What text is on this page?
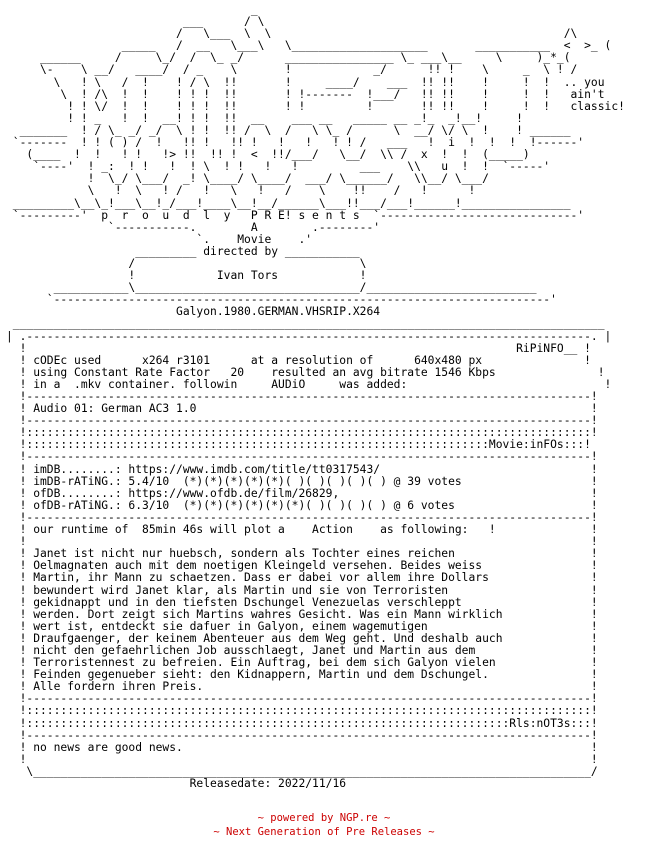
_
___      / \
/   \___  \  \                                           /\
_____   /  __   \___\   \____________________       ___________  <  >_ (
______     /     \_/  /  \_ _/      ________________ \_ ___\__     \     )_*_(
\-    \ __/   ____/  / _    \       !            _/      !! !    \     _  \ ! /
\   ! \   /  !    ! / \  !!       !     ____/    ___  !! !!    !     !  !  .. you
\  ! /\  !  !    ! ! !  !!       ! !-------  !___/   !! !!    !     !  !   ain't
! ! \/  !  !    ! ! !  !!       ! !         !       !! !!    !     !  !   classic!
! ! _   !  !  __! ! !  !!  __    ___ __   _____ __ _!_  _!__!     !
_______  ! / \_ _/ _/  \ ! !  !! /  \  /   \ \_ /      \  __/ \/ \  !    ! ______
`-------  ! ! ( ) /  !   !! !   !! !   !   !   ! ! /   ___   !  i  !  !  !  !------'
(____  !  !   ! !   !> !!  !! !  <  !!/___/   \__/  \\ /  x  !  !  (_____)
`----'  ! _:  ! !   !  ! \  ! !   !   !         ___    \\   u  !  !  `-----'
!  \_/ \___/  _! \____/ \____/  ___/ \______/   \\__/ \___/
\   !  \   ! /   !   \   !   /    \    !!    /   !      !
_________\__\_!___\__!_/___!____\__!__/______\___!!___/___!______!________________
`---------'  p  r  o  u  d  l  y   P R E! s e n t s  `-----------------------------'
`-----------.        A        .--------'
`.    Movie    .'
_________ directed by ___________
/                                 \
!            Ivan Tors            !
___________\_________________________________/_________________________
`-------------------------------------------------------------------------'
Galyon.1980.GERMAN.VHSRIP.X264
_______________________________________________________________________________________
| .-----------------------------------------------------------------------------------. |
!                                                                        RiPiNFO__ !
! cODEc used      x264 r3101      at a resolution of      640x480 px               !
! using Constant Rate Factor   20    resulted an avg bitrate 1546 Kbps               !
! in a  .mkv container. followin     AUDiO     was added:                             !
!-----------------------------------------------------------------------------------!
! Audio 01: German AC3 1.0                                                          !
!-----------------------------------------------------------------------------------!
!:::::::::::::::::::::::::::::::::::::::::::::::::::::::::::::::::::::::::::::::::::!
!::::::::::::::::::::::::::::::::::::::::::::::::::::::::::::::::::::Movie:inFOs:::!
!-----------------------------------------------------------------------------------!
! imDB........: https://www.imdb.com/title/tt0317543/                               !
! imDB-rATiNG.: 5.4/10  (*)(*)(*)(*)(*)( )( )( )( )( ) @ 39 votes                   !
! ofDB........: https://www.ofdb.de/film/26829,                                     !
! ofDB-rATiNG.: 6.3/10  (*)(*)(*)(*)(*)(*)( )( )( )( ) @ 6 votes                    !
!-----------------------------------------------------------------------------------!
! our runtime of  85min 46s will plot a    Action    as following:   !              !
!                                                                                   !
! Janet ist nicht nur huebsch, sondern als Tochter eines reichen                    !
! Oelmagnaten auch mit dem noetigen Kleingeld versehen. Beides weiss                !
! Martin, ihr Mann zu schaetzen. Dass er dabei vor allem ihre Dollars               !
! bewundert wird Janet klar, als Martin und sie von Terroristen                     !
! gekidnappt und in den tiefsten Dschungel Venezuelas verschleppt                   !
! werden. Dort zeigt sich Martins wahres Gesicht. Was ein Mann wirklich             !
! wert ist, entdeckt sie dafuer in Galyon, einem wagemutigen                        !
! Draufgaenger, der keinem Abenteuer aus dem Weg geht. Und deshalb auch             !
! nicht den gefaehrlichen Job ausschlaegt, Janet und Martin aus dem                 !
! Terroristennest zu befreien. Ein Auftrag, bei dem sich Galyon vielen              !
! Feinden gegenueber sieht: den Kidnappern, Martin und dem Dschungel.               !
! Alle fordern ihren Preis.                                                         !
!-----------------------------------------------------------------------------------!
!:::::::::::::::::::::::::::::::::::::::::::::::::::::::::::::::::::::::::::::::::::!
!:::::::::::::::::::::::::::::::::::::::::::::::::::::::::::::::::::::::Rls:nOT3s:::!
!-----------------------------------------------------------------------------------!
! no news are good news.                                                            !
!                                                                                   !
\__________________________________________________________________________________/
Releasedate: 2022/11/16
~ powered by NGP.re ~
~ Next Generation of Pre Releases ~
